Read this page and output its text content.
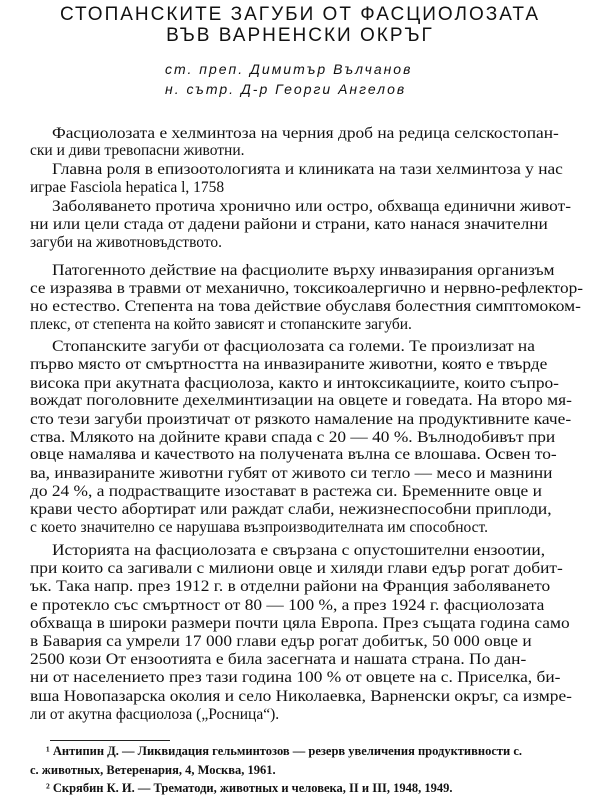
СТОПАНСКИТЕ ЗАГУБИ ОТ ФАСЦИОЛОЗАТА
ВЪВ ВАРНЕНСКИ ОКРЪГ
ст. преп. Димитър Вълчанов
н. сътр. Д-р Георги Ангелов
Фасциолозата е хелминтоза на черния дроб на редица селскостопан-
ски и диви тревопасни животни.
Главна роля в епизоотологията и клиниката на тази хелминтоза у нас
играе Fasciola hepatica l, 1758
Заболяването протича хронично или остро, обхваща единични живот-
ни или цели стада от дадени райони и страни, като нанася значителни
загуби на животновъдството.
Патогенното действие на фасциолите върху инвазирания организъм
се изразява в травми от механично, токсикоалергично и нервно-рефлектор-
но естество. Степента на това действие обуславя болестния симптомоком-
плекс, от степента на който зависят и стопанските загуби.
Стопанските загуби от фасциолозата са големи. Те произлизат на
първо място от смъртността на инвазираните животни, която е твърде
висока при акутната фасциолоза, както и интоксикациите, които съпро-
вождат поголовните дехелминтизации на овцете и говедата. На второ мя-
сто тези загуби произтичат от рязкото намаление на продуктивните каче-
ства. Млякото на дойните крави спада с 20 — 40 %. Вълнодобивът при
овце намалява и качеството на получената вълна се влошава. Освен то-
ва, инвазираните животни губят от живото си тегло — месо и мазнини
до 24 %, а подрастващите изостават в растежа си. Бременните овце и
крави често абортират или раждат слаби, нежизнеспособни приплоди,
с което значително се нарушава възпроизводителната им способност.
Историята на фасциолозата е свързана с опустошителни ензоотии,
при които са загивали с милиони овце и хиляди глави едър рогат добит-
ък. Така напр. през 1912 г. в отделни райони на Франция заболяването
е протекло със смъртност от 80 — 100 %, а през 1924 г. фасциолозата
обхваща в широки размери почти цяла Европа. През същата година само
в Бавария са умрели 17 000 глави едър рогат добитък, 50 000 овце и
2500 кози От ензоотията е била засегната и нашата страна. По дан-
ни от населението през тази година 100 % от овцете на с. Приселка, би-
вша Новопазарска околия и село Николаевка, Варненски окръг, са измре-
ли от акутна фасциолоза („Росница“).
¹ Антипин Д. — Ликвидация гельминтозов — резерв увеличения продуктивности с.
с. животных, Ветеренария, 4, Москва, 1961.
² Скрябин К. И. — Трематоди, животных и человека, II и III, 1948, 1949.
